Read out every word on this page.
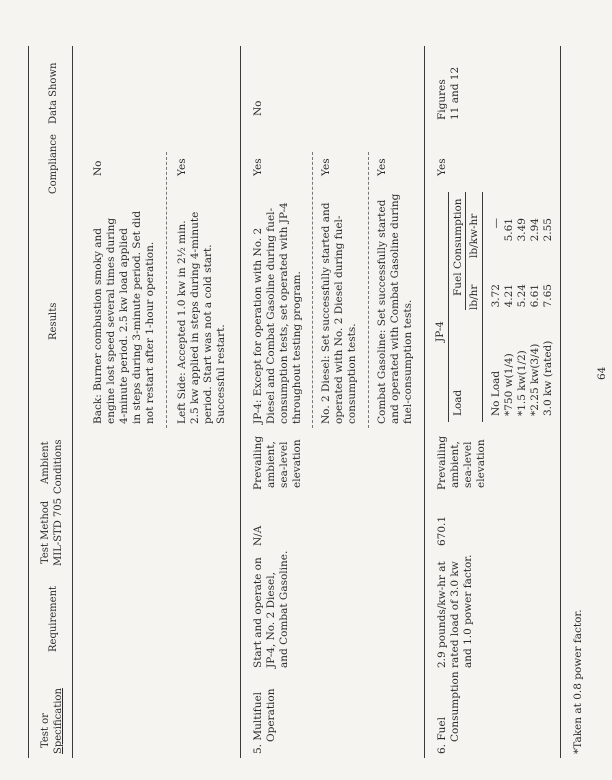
Test or Specification
Requirement
Test Method MIL-STD 705
Ambient Conditions
Results
Compliance
Data Shown
Back: Burner combustion smoky and engine lost speed several times during 4-minute period. 2.5 kw load applied in steps during 3-minute period. Set did not restart after 1-hour operation.
No
Left Side: Accepted 1.0 kw in 2½ min. 2.5 kw applied in steps during 4-minute period. Start was not a cold start. Successful restart.
Yes
5. Multifuel Operation
Start and operate on JP-4, No. 2 Diesel, and Combat Gasoline.
N/A
Prevailing ambient, sea-level elevation
JP-4: Except for operation with No. 2 Diesel and Combat Gasoline during fuel- consumption tests, set operated with JP-4 throughout testing program.
Yes
No
No. 2 Diesel: Set successfully started and operated with No. 2 Diesel during fuel- consumption tests.
Yes
Combat Gasoline: Set successfully started and operated with Combat Gasoline during fuel-consumption tests.
Yes
6. Fuel Consumption
2.9 pounds/kw-hr at rated load of 3.0 kw and 1.0 power factor.
670.1
Prevailing ambient, sea-level elevation
JP-4
Load
Fuel Consumption
lb/hr
lb/kw-hr
No Load
3.72
—
*750 w(1/4)
4.21
5.61
*1.5 kw(1/2)
5.24
3.49
*2.25 kw(3/4)
6.61
2.94
3.0 kw (rated)
7.65
2.55
Yes
Figures 11 and 12
*Taken at 0.8 power factor.
64
